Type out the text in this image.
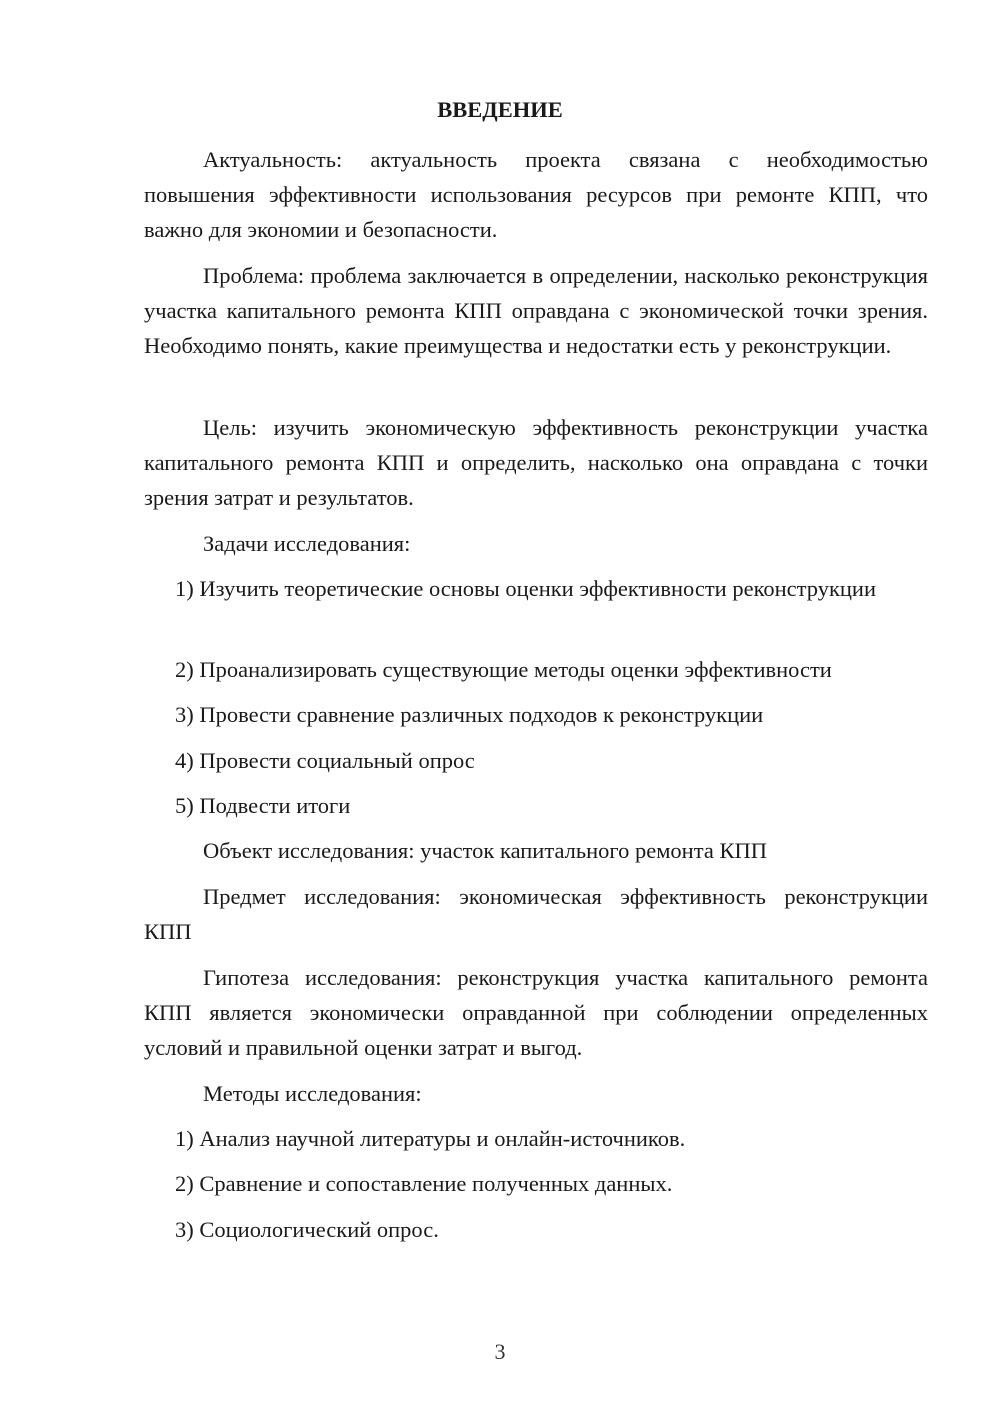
ВВЕДЕНИЕ

Актуальность: актуальность проекта связана с необходимостью повышения эффективности использования ресурсов при ремонте КПП, что важно для экономии и безопасности.

Проблема: проблема заключается в определении, насколько реконструкция участка капитального ремонта КПП оправдана с экономической точки зрения. Необходимо понять, какие преимущества и недостатки есть у реконструкции.

Цель: изучить экономическую эффективность реконструкции участка капитального ремонта КПП и определить, насколько она оправдана с точки зрения затрат и результатов.

Задачи исследования:

1) Изучить теоретические основы оценки эффективности реконструкции

2) Проанализировать существующие методы оценки эффективности

3) Провести сравнение различных подходов к реконструкции

4) Провести социальный опрос

5) Подвести итоги

Объект исследования: участок капитального ремонта КПП

Предмет исследования: экономическая эффективность реконструкции КПП

Гипотеза исследования: реконструкция участка капитального ремонта КПП является экономически оправданной при соблюдении определенных условий и правильной оценки затрат и выгод.

Методы исследования:

1) Анализ научной литературы и онлайн-источников.

2) Сравнение и сопоставление полученных данных.

3) Социологический опрос.

3
